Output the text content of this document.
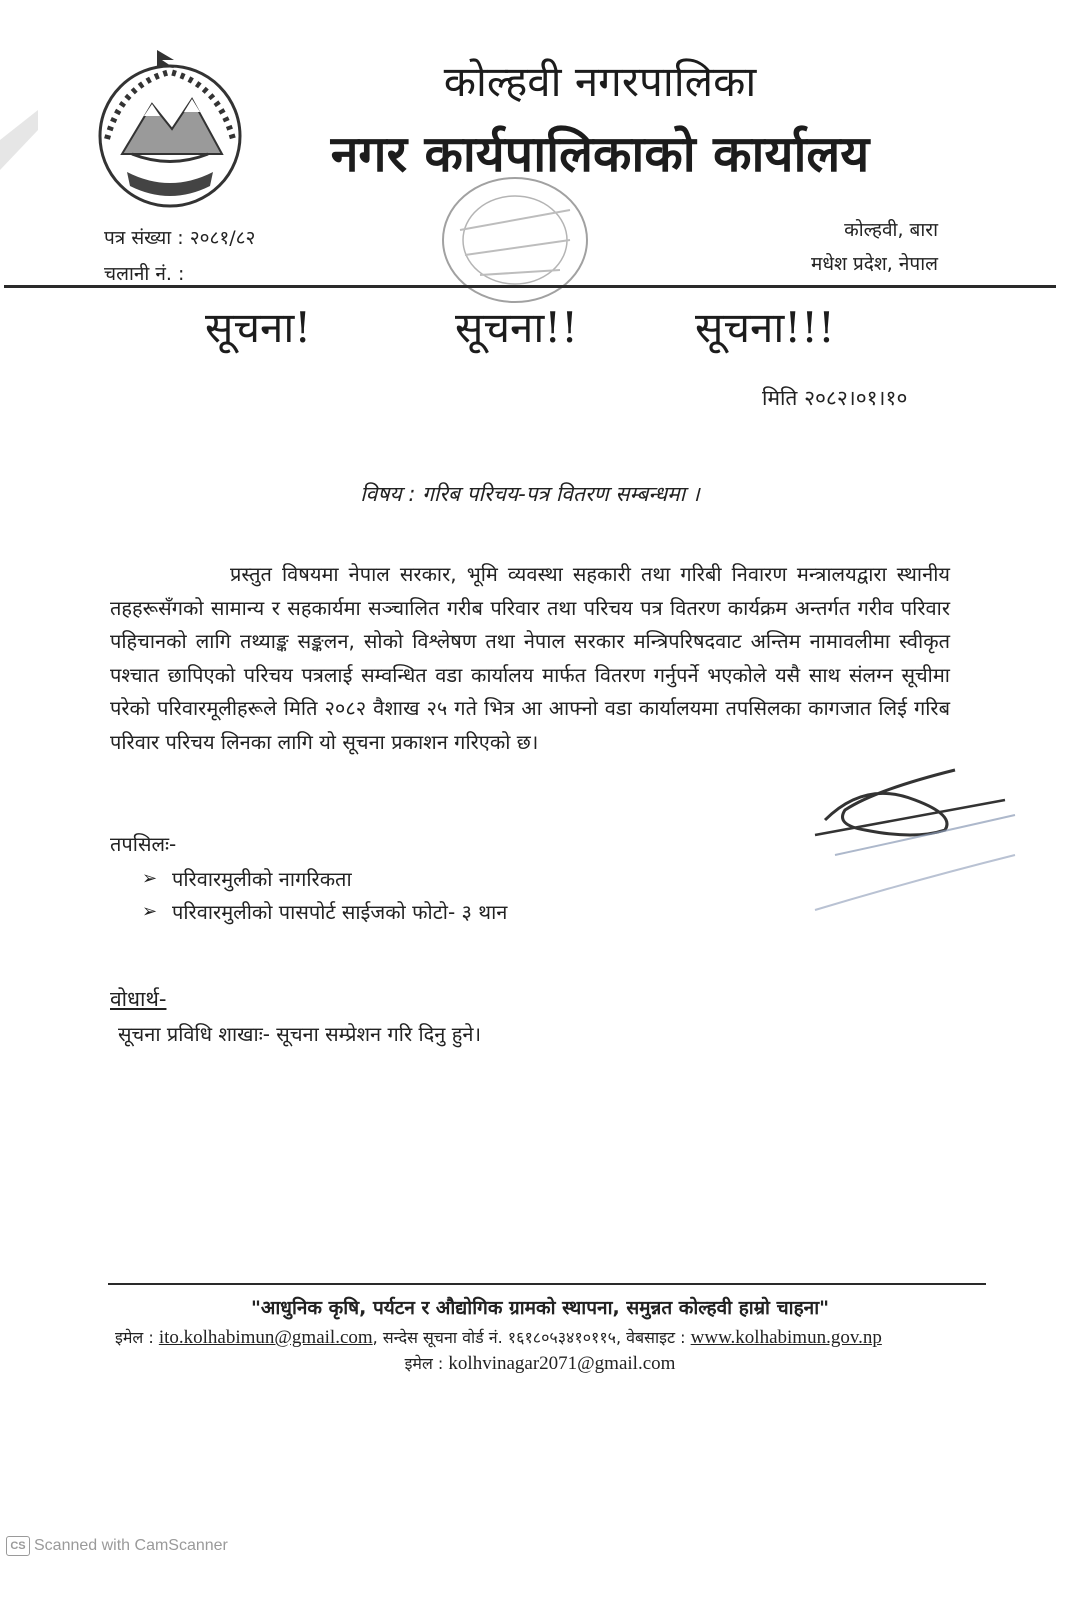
कोल्हवी नगरपालिका
नगर कार्यपालिकाको कार्यालय
पत्र संख्या : २०८१/८२
चलानी नं. :
कोल्हवी, बारा
मधेश प्रदेश, नेपाल
सूचना!	सूचना!!	सूचना!!!
मिति २०८२।०१।१०
विषय : गरिब परिचय-पत्र वितरण सम्बन्धमा ।
प्रस्तुत विषयमा नेपाल सरकार, भूमि व्यवस्था सहकारी तथा गरिबी निवारण मन्त्रालयद्वारा स्थानीय तहहरूसँगको सामान्य र सहकार्यमा सञ्चालित गरीब परिवार तथा परिचय पत्र वितरण कार्यक्रम अन्तर्गत गरीव परिवार पहिचानको लागि तथ्याङ्क सङ्कलन, सोको विश्लेषण तथा नेपाल सरकार मन्त्रिपरिषदवाट अन्तिम नामावलीमा स्वीकृत पश्चात छापिएको परिचय पत्रलाई सम्वन्धित वडा कार्यालय मार्फत वितरण गर्नुपर्ने भएकोले यसै साथ संलग्न सूचीमा परेको परिवारमूलीहरूले मिति २०८२ वैशाख २५ गते भित्र आ आफ्नो वडा कार्यालयमा तपसिलका कागजात लिई गरिब परिवार परिचय लिनका लागि यो सूचना प्रकाशन गरिएको छ।
तपसिलः-
➢ परिवारमुलीको नागरिकता
➢ परिवारमुलीको पासपोर्ट साईजको फोटो- ३ थान
वोधार्थ-
सूचना प्रविधि शाखाः- सूचना सम्प्रेशन गरि दिनु हुने।
"आधुनिक कृषि, पर्यटन र औद्योगिक ग्रामको स्थापना, समुन्नत कोल्हवी हाम्रो चाहना"
इमेल : ito.kolhabimun@gmail.com, सन्देस सूचना वोर्ड नं. १६१८०५३४१०११५, वेबसाइट : www.kolhabimun.gov.np
इमेल : kolhvinagar2071@gmail.com
CS Scanned with CamScanner
